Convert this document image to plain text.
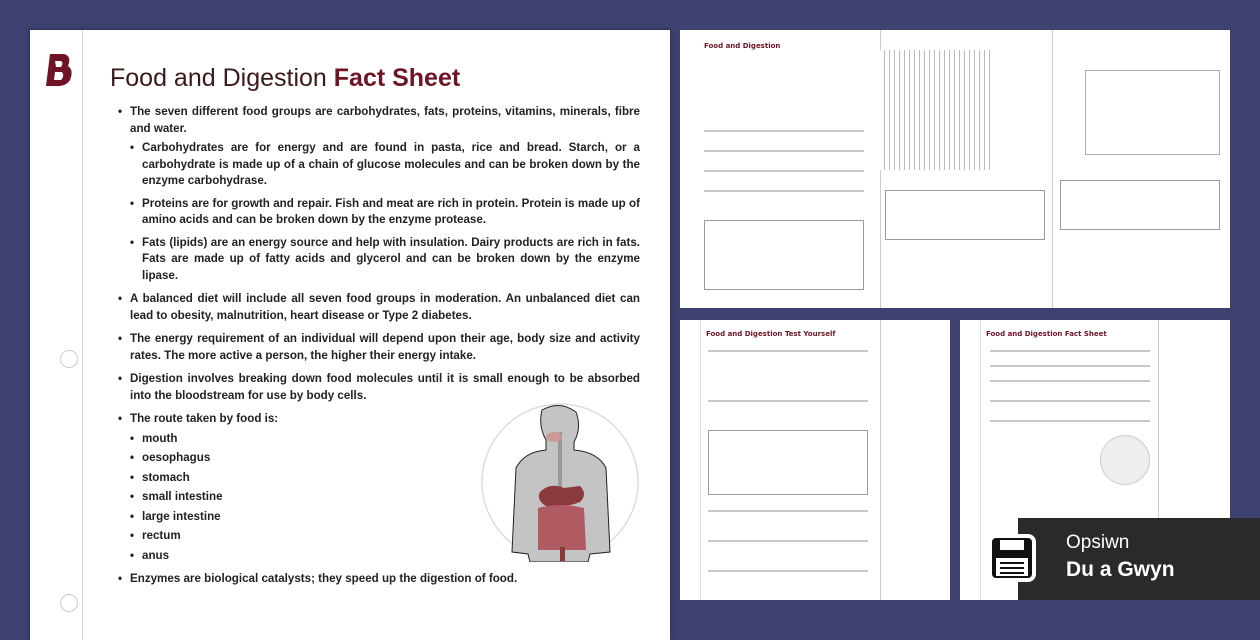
Food and Digestion Fact Sheet
• The seven different food groups are carbohydrates, fats, proteins, vitamins, minerals, fibre and water.
• Carbohydrates are for energy and are found in pasta, rice and bread. Starch, or a carbohydrate is made up of a chain of glucose molecules and can be broken down by the enzyme carbohydrase.
• Proteins are for growth and repair. Fish and meat are rich in protein. Protein is made up of amino acids and can be broken down by the enzyme protease.
• Fats (lipids) are an energy source and help with insulation. Dairy products are rich in fats. Fats are made up of fatty acids and glycerol and can be broken down by the enzyme lipase.
• A balanced diet will include all seven food groups in moderation. An unbalanced diet can lead to obesity, malnutrition, heart disease or Type 2 diabetes.
• The energy requirement of an individual will depend upon their age, body size and activity rates. The more active a person, the higher their energy intake.
• Digestion involves breaking down food molecules until it is small enough to be absorbed into the bloodstream for use by body cells.
• The route taken by food is:
• mouth
• oesophagus
• stomach
• small intestine
• large intestine
• rectum
• anus
• Enzymes are biological catalysts; they speed up the digestion of food.
Food and Digestion
Food and Digestion Test Yourself	Food and Digestion Fact Sheet
Opsiwn
Du a Gwyn
